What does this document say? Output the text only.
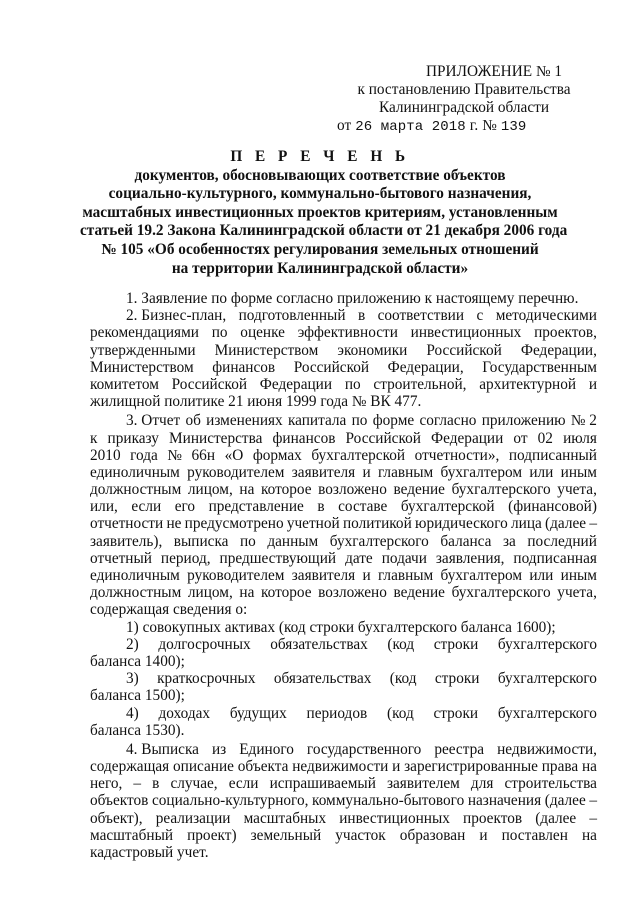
ПРИЛОЖЕНИЕ № 1
к постановлению Правительства
Калининградской области
от 26 марта 2018 г. № 139
П Е Р Е Ч Е Н Ь
документов, обосновывающих соответствие объектов
социально-культурного, коммунально-бытового назначения,
масштабных инвестиционных проектов критериям, установленным
статьей 19.2 Закона Калининградской области от 21 декабря 2006 года
№ 105 «Об особенностях регулирования земельных отношений
на территории Калининградской области»
1. Заявление по форме согласно приложению к настоящему перечню.
2. Бизнес-план, подготовленный в соответствии с методическими
рекомендациями по оценке эффективности инвестиционных проектов,
утвержденными Министерством экономики Российской Федерации,
Министерством финансов Российской Федерации, Государственным
комитетом Российской Федерации по строительной, архитектурной и
жилищной политике 21 июня 1999 года № ВК 477.
3. Отчет об изменениях капитала по форме согласно приложению № 2
к приказу Министерства финансов Российской Федерации от 02 июля
2010 года № 66н «О формах бухгалтерской отчетности», подписанный
единоличным руководителем заявителя и главным бухгалтером или иным
должностным лицом, на которое возложено ведение бухгалтерского учета,
или, если его представление в составе бухгалтерской (финансовой)
отчетности не предусмотрено учетной политикой юридического лица (далее –
заявитель), выписка по данным бухгалтерского баланса за последний
отчетный период, предшествующий дате подачи заявления, подписанная
единоличным руководителем заявителя и главным бухгалтером или иным
должностным лицом, на которое возложено ведение бухгалтерского учета,
содержащая сведения о:
1) совокупных активах (код строки бухгалтерского баланса 1600);
2) долгосрочных обязательствах (код строки бухгалтерского
баланса 1400);
3) краткосрочных обязательствах (код строки бухгалтерского
баланса 1500);
4) доходах будущих периодов (код строки бухгалтерского
баланса 1530).
4. Выписка из Единого государственного реестра недвижимости,
содержащая описание объекта недвижимости и зарегистрированные права на
него, – в случае, если испрашиваемый заявителем для строительства
объектов социально-культурного, коммунально-бытового назначения (далее –
объект), реализации масштабных инвестиционных проектов (далее –
масштабный проект) земельный участок образован и поставлен на
кадастровый учет.
